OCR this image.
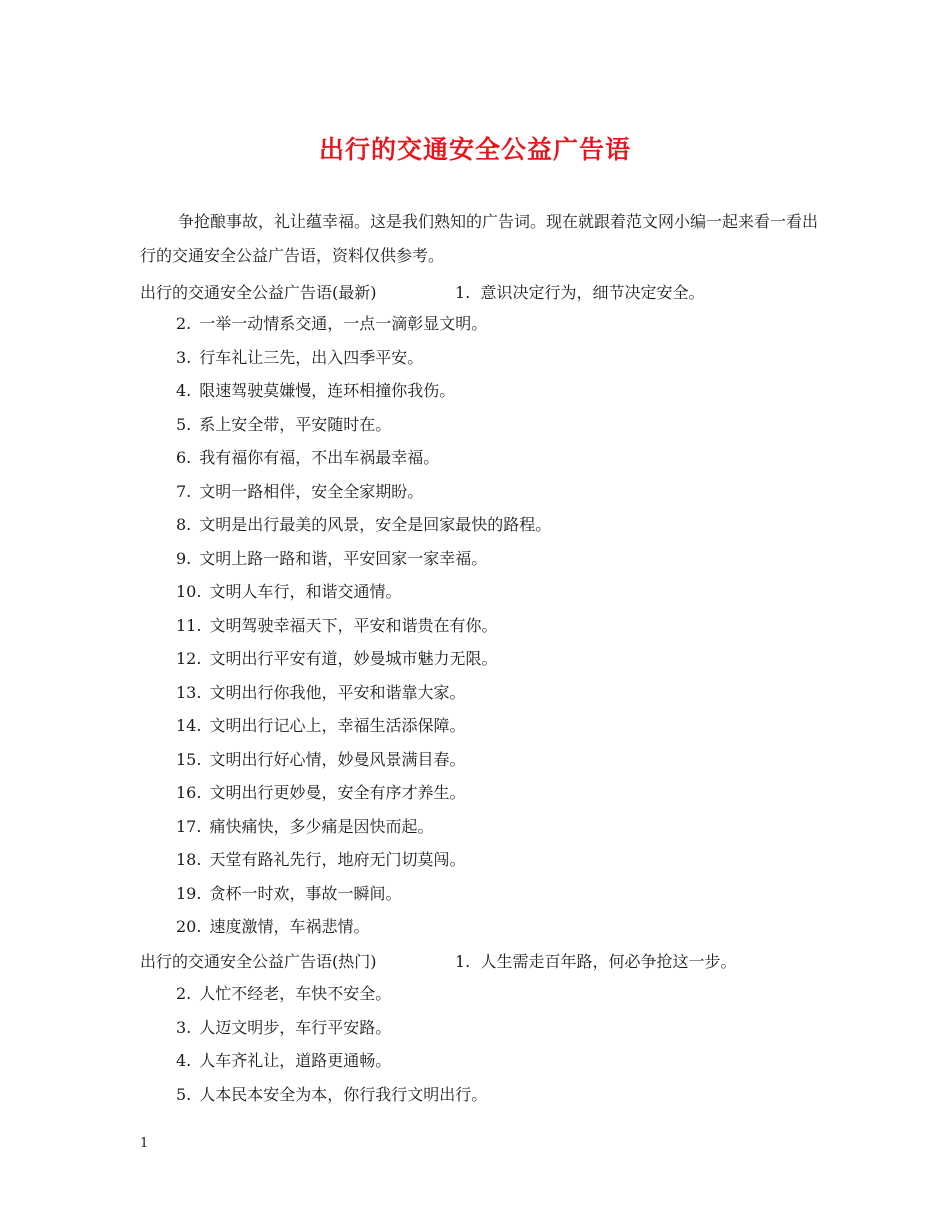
出行的交通安全公益广告语

争抢酿事故，礼让蕴幸福。这是我们熟知的广告词。现在就跟着范文网小编一起来看一看出行的交通安全公益广告语，资料仅供参考。

出行的交通安全公益广告语(最新)	1. 意识决定行为，细节决定安全。
2. 一举一动情系交通，一点一滴彰显文明。
3. 行车礼让三先，出入四季平安。
4. 限速驾驶莫嫌慢，连环相撞你我伤。
5. 系上安全带，平安随时在。
6. 我有福你有福，不出车祸最幸福。
7. 文明一路相伴，安全全家期盼。
8. 文明是出行最美的风景，安全是回家最快的路程。
9. 文明上路一路和谐，平安回家一家幸福。
10. 文明人车行，和谐交通情。
11. 文明驾驶幸福天下，平安和谐贵在有你。
12. 文明出行平安有道，妙曼城市魅力无限。
13. 文明出行你我他，平安和谐靠大家。
14. 文明出行记心上，幸福生活添保障。
15. 文明出行好心情，妙曼风景满目春。
16. 文明出行更妙曼，安全有序才养生。
17. 痛快痛快，多少痛是因快而起。
18. 天堂有路礼先行，地府无门切莫闯。
19. 贪杯一时欢，事故一瞬间。
20. 速度激情，车祸悲情。
出行的交通安全公益广告语(热门)	1. 人生需走百年路，何必争抢这一步。
2. 人忙不经老，车快不安全。
3. 人迈文明步，车行平安路。
4. 人车齐礼让，道路更通畅。
5. 人本民本安全为本，你行我行文明出行。
1
